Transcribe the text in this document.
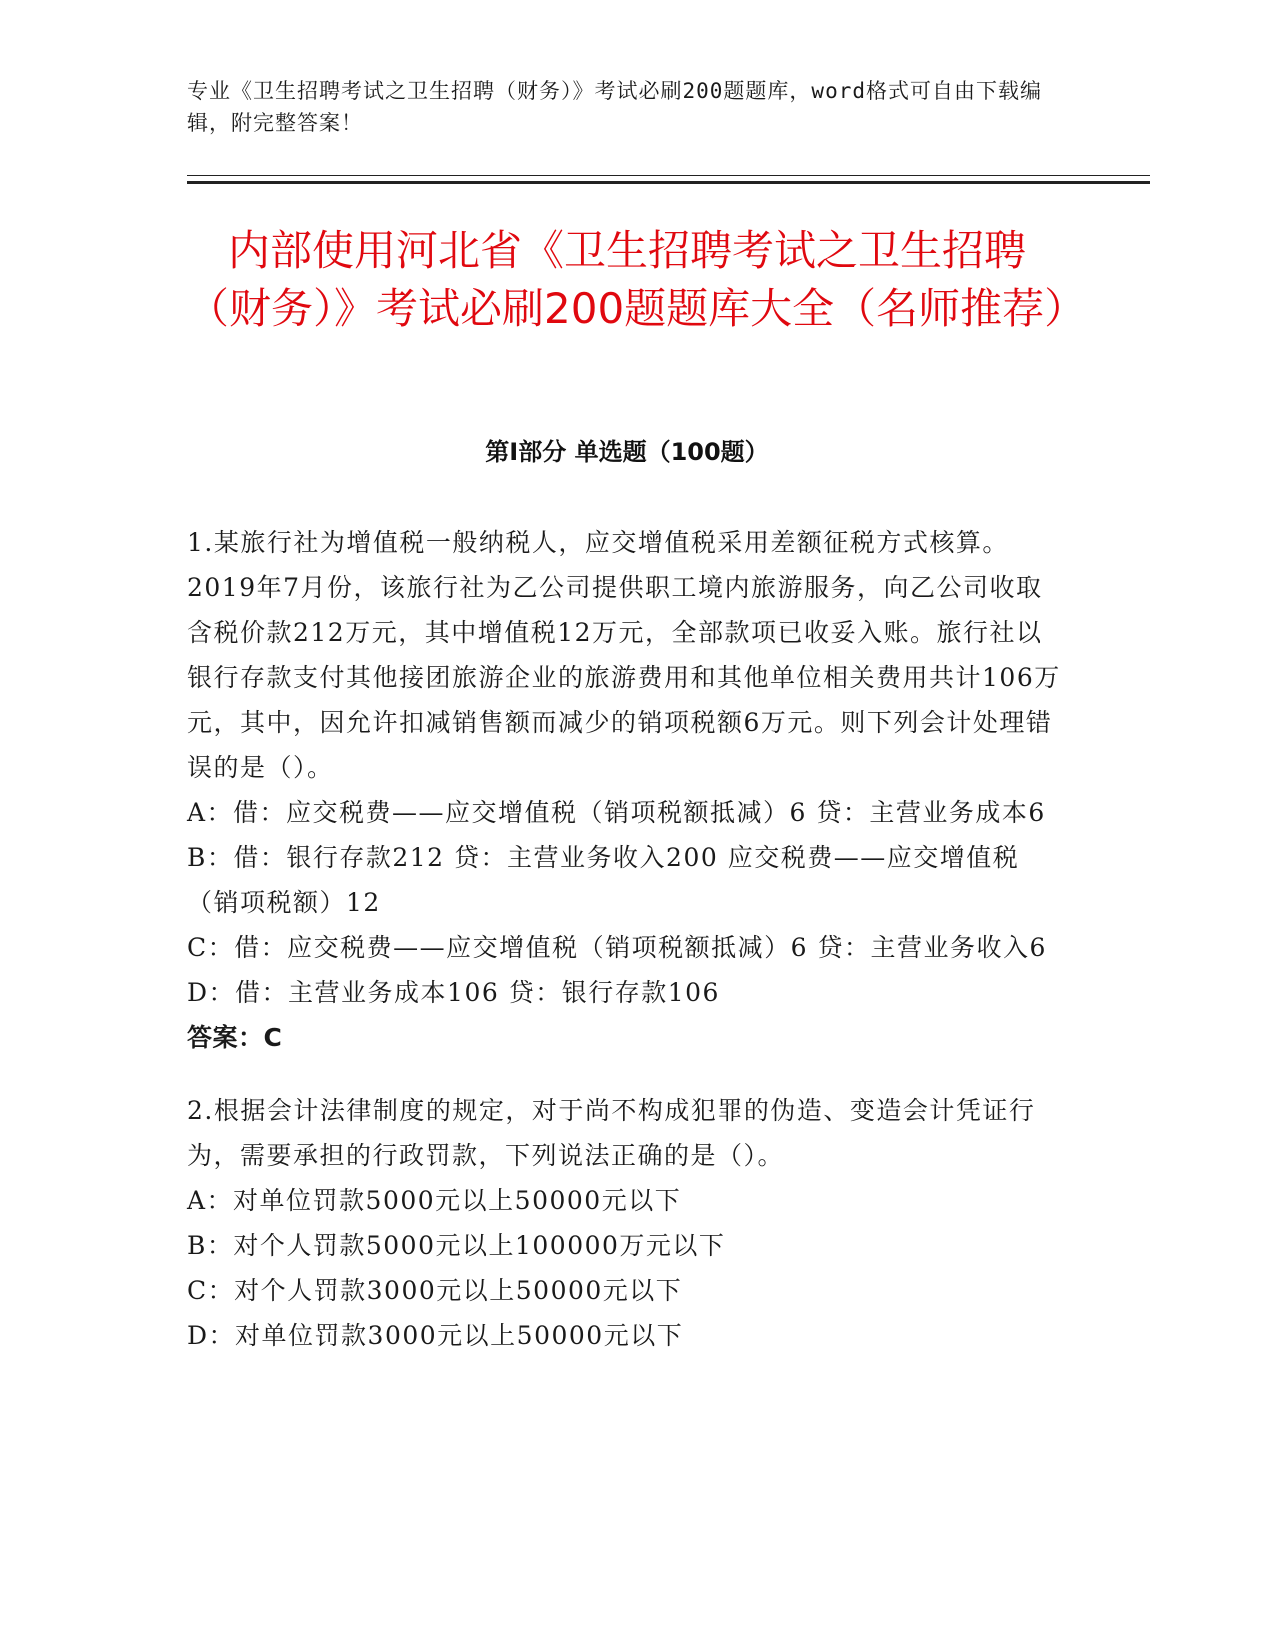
专业《卫生招聘考试之卫生招聘（财务）》考试必刷200题题库，word格式可自由下载编辑，附完整答案！
内部使用河北省《卫生招聘考试之卫生招聘（财务）》考试必刷200题题库大全（名师推荐）
第Ⅰ部分 单选题（100题）

1.某旅行社为增值税一般纳税人，应交增值税采用差额征税方式核算。2019年7月份，该旅行社为乙公司提供职工境内旅游服务，向乙公司收取含税价款212万元，其中增值税12万元，全部款项已收妥入账。旅行社以银行存款支付其他接团旅游企业的旅游费用和其他单位相关费用共计106万元，其中，因允许扣减销售额而减少的销项税额6万元。则下列会计处理错误的是（）。

A：借：应交税费——应交增值税（销项税额抵减）6 贷：主营业务成本6

B：借：银行存款212 贷：主营业务收入200 应交税费——应交增值税（销项税额）12

C：借：应交税费——应交增值税（销项税额抵减）6 贷：主营业务收入6

D：借：主营业务成本106 贷：银行存款106

答案：C

2.根据会计法律制度的规定，对于尚不构成犯罪的伪造、变造会计凭证行为，需要承担的行政罚款，下列说法正确的是（）。

A：对单位罚款5000元以上50000元以下

B：对个人罚款5000元以上100000万元以下

C：对个人罚款3000元以上50000元以下

D：对单位罚款3000元以上50000元以下
